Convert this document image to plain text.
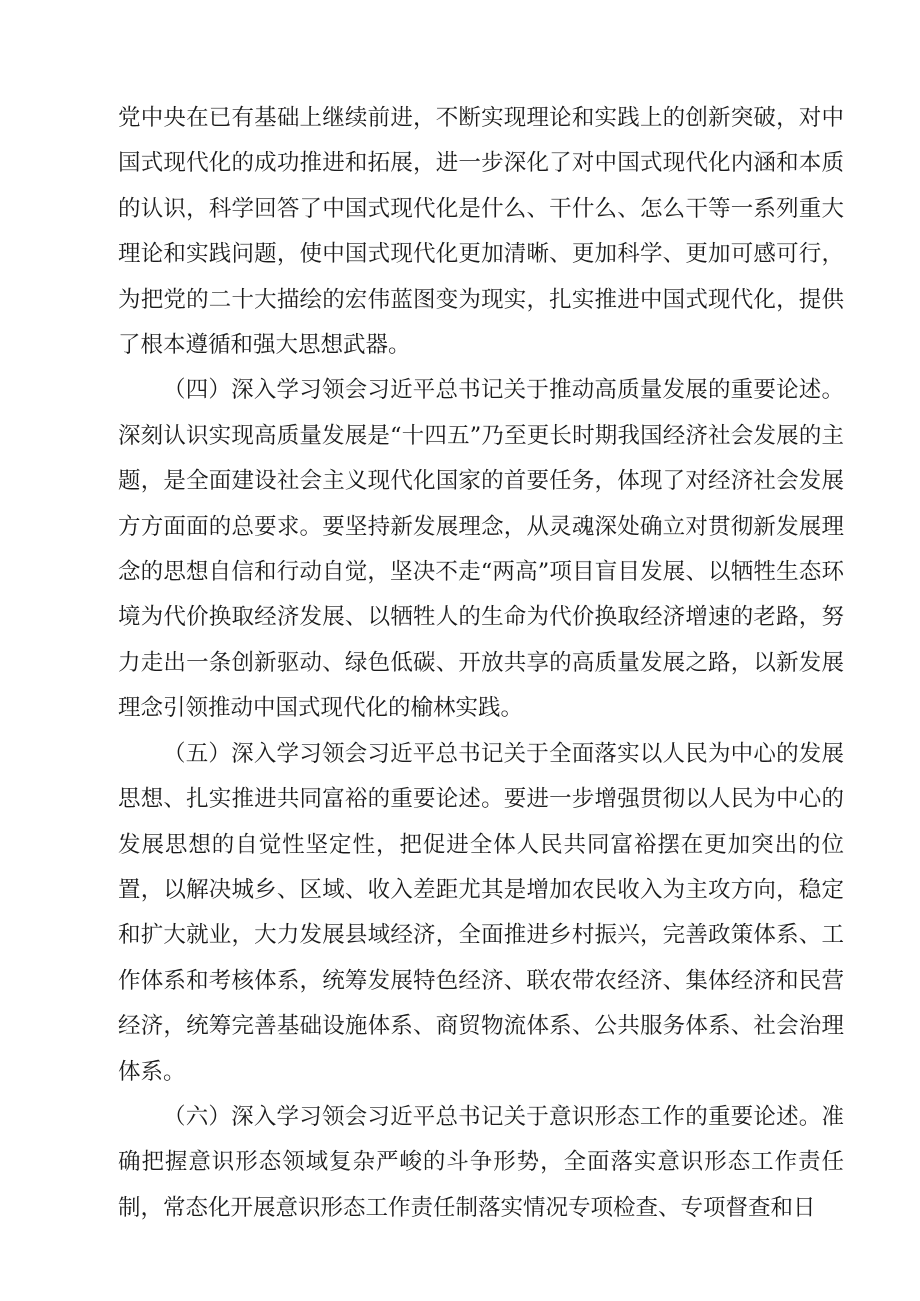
党中央在已有基础上继续前进，不断实现理论和实践上的创新突破，对中国式现代化的成功推进和拓展，进一步深化了对中国式现代化内涵和本质的认识，科学回答了中国式现代化是什么、干什么、怎么干等一系列重大理论和实践问题，使中国式现代化更加清晰、更加科学、更加可感可行，为把党的二十大描绘的宏伟蓝图变为现实，扎实推进中国式现代化，提供了根本遵循和强大思想武器。

（四）深入学习领会习近平总书记关于推动高质量发展的重要论述。深刻认识实现高质量发展是“十四五”乃至更长时期我国经济社会发展的主题，是全面建设社会主义现代化国家的首要任务，体现了对经济社会发展方方面面的总要求。要坚持新发展理念，从灵魂深处确立对贯彻新发展理念的思想自信和行动自觉，坚决不走“两高”项目盲目发展、以牺牲生态环境为代价换取经济发展、以牺牲人的生命为代价换取经济增速的老路，努力走出一条创新驱动、绿色低碳、开放共享的高质量发展之路，以新发展理念引领推动中国式现代化的榆林实践。

（五）深入学习领会习近平总书记关于全面落实以人民为中心的发展思想、扎实推进共同富裕的重要论述。要进一步增强贯彻以人民为中心的发展思想的自觉性坚定性，把促进全体人民共同富裕摆在更加突出的位置，以解决城乡、区域、收入差距尤其是增加农民收入为主攻方向，稳定和扩大就业，大力发展县域经济，全面推进乡村振兴，完善政策体系、工作体系和考核体系，统筹发展特色经济、联农带农经济、集体经济和民营经济，统筹完善基础设施体系、商贸物流体系、公共服务体系、社会治理体系。

（六）深入学习领会习近平总书记关于意识形态工作的重要论述。准确把握意识形态领域复杂严峻的斗争形势，全面落实意识形态工作责任制，常态化开展意识形态工作责任制落实情况专项检查、专项督查和日
